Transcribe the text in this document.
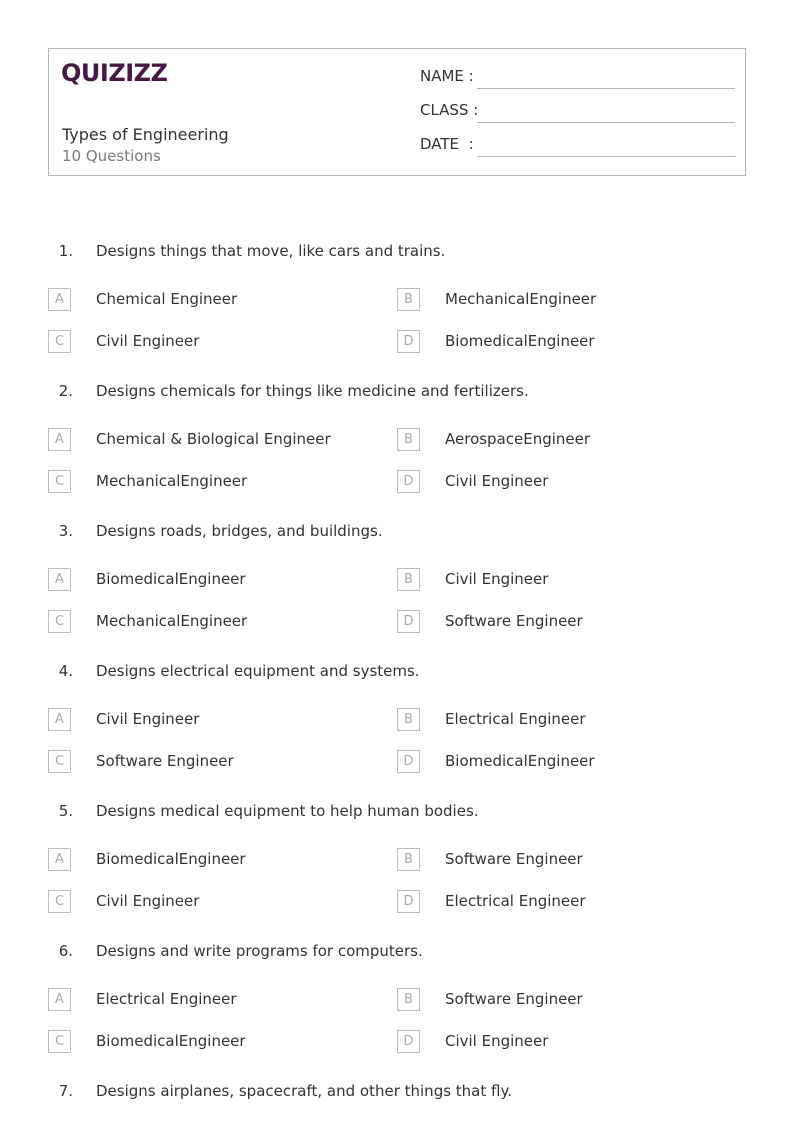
QUIZIZZ
Types of Engineering
10 Questions
NAME :
CLASS :
DATE  :
1. Designs things that move, like cars and trains.
A	Chemical Engineer	B	MechanicalEngineer
C	Civil Engineer	D	BiomedicalEngineer
2. Designs chemicals for things like medicine and fertilizers.
A	Chemical & Biological Engineer	B	AerospaceEngineer
C	MechanicalEngineer	D	Civil Engineer
3. Designs roads, bridges, and buildings.
A	BiomedicalEngineer	B	Civil Engineer
C	MechanicalEngineer	D	Software Engineer
4. Designs electrical equipment and systems.
A	Civil Engineer	B	Electrical Engineer
C	Software Engineer	D	BiomedicalEngineer
5. Designs medical equipment to help human bodies.
A	BiomedicalEngineer	B	Software Engineer
C	Civil Engineer	D	Electrical Engineer
6. Designs and write programs for computers.
A	Electrical Engineer	B	Software Engineer
C	BiomedicalEngineer	D	Civil Engineer
7. Designs airplanes, spacecraft, and other things that fly.
